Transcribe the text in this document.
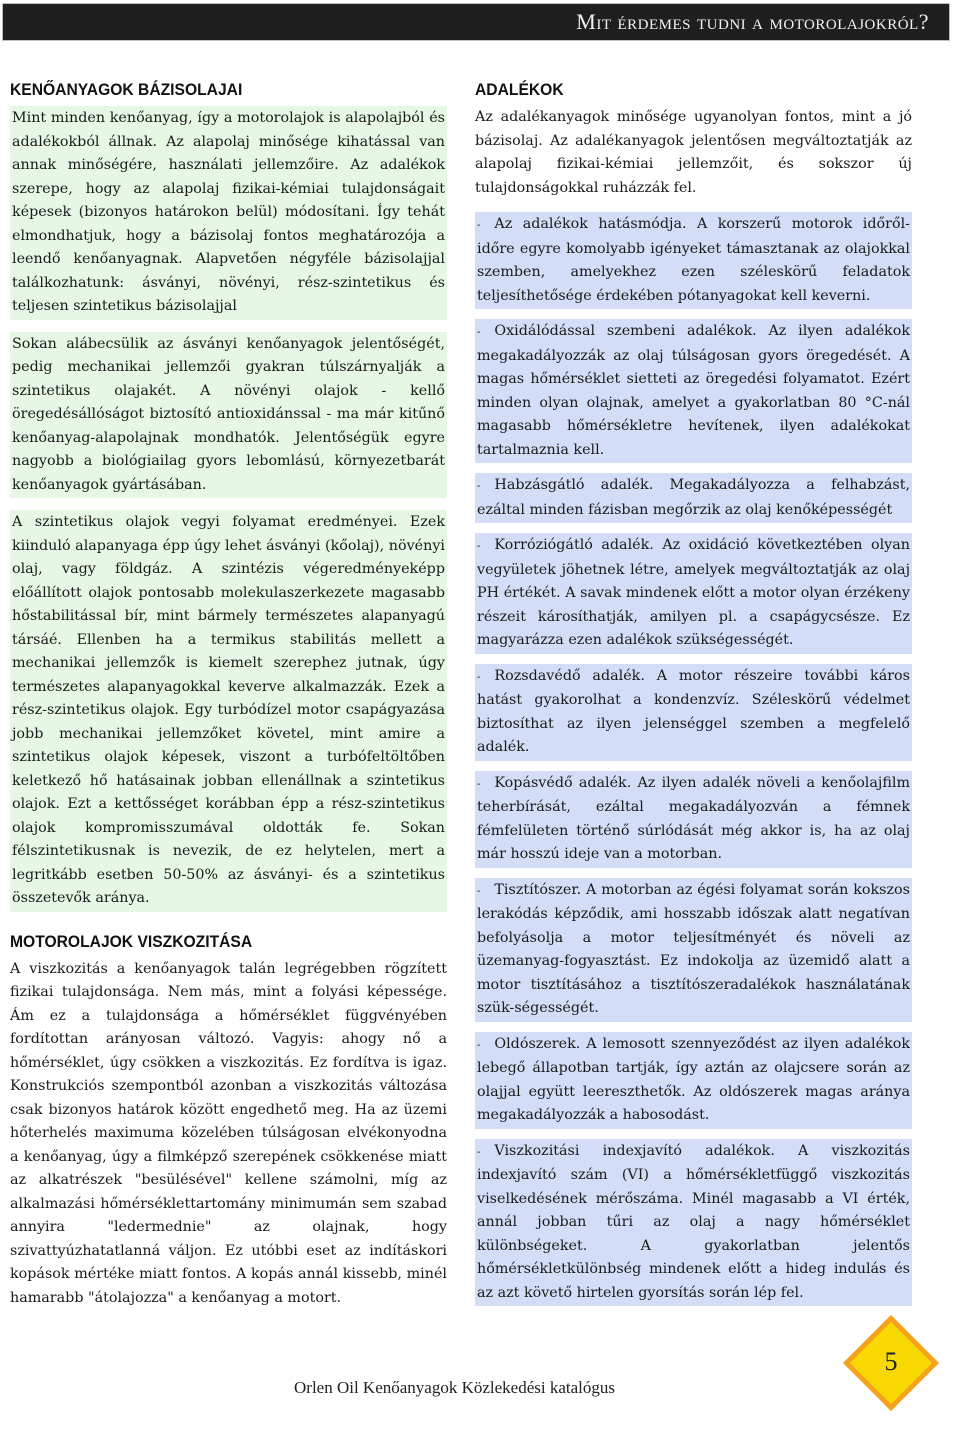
Mit érdemes tudni a motorolajokról?
KENŐANYAGOK BÁZISOLAJAI

Mint minden kenőanyag, így a motorolajok is alapolajból és adalékokból állnak. Az alapolaj minősége kihatással van annak minőségére, használati jellemzőire. Az adalékok szerepe, hogy az alapolaj fizikai-kémiai tulajdonságait képesek (bizonyos határokon belül) módosítani. Így tehát elmondhatjuk, hogy a bázisolaj fontos meghatározója a leendő kenőanyagnak. Alapvetően négyféle bázisolajjal találkozhatunk: ásványi, növényi, rész-szintetikus és teljesen szintetikus bázisolajjal

Sokan alábecsülik az ásványi kenőanyagok jelentőségét, pedig mechanikai jellemzői gyakran túlszárnyalják a szintetikus olajakét. A növényi olajok - kellő öregedésállóságot biztosító antioxidánssal - ma már kitűnő kenőanyag-alapolajnak mondhatók. Jelentőségük egyre nagyobb a biológiailag gyors lebomlású, környezetbarát kenőanyagok gyártásában.

A szintetikus olajok vegyi folyamat eredményei. Ezek kiinduló alapanyaga épp úgy lehet ásványi (kőolaj), növényi olaj, vagy földgáz. A szintézis végeredményeképp előállított olajok pontosabb molekulaszerkezete magasabb hőstabilitással bír, mint bármely természetes alapanyagú társáé. Ellenben ha a termikus stabilitás mellett a mechanikai jellemzők is kiemelt szerephez jutnak, úgy természetes alapanyagokkal keverve alkalmazzák. Ezek a rész-szintetikus olajok. Egy turbódízel motor csapágyazása jobb mechanikai jellemzőket követel, mint amire a szintetikus olajok képesek, viszont a turbófeltöltőben keletkező hő hatásainak jobban ellenállnak a szintetikus olajok. Ezt a kettősséget korábban épp a rész-szintetikus olajok kompromisszumával oldották fe. Sokan félszintetikusnak is nevezik, de ez helytelen, mert a legritkább esetben 50-50% az ásványi- és a szintetikus összetevők aránya.

MOTOROLAJOK VISZKOZITÁSA

A viszkozitás a kenőanyagok talán legrégebben rögzített fizikai tulajdonsága. Nem más, mint a folyási képessége. Ám ez a tulajdonsága a hőmérséklet függvényében fordítottan arányosan változó. Vagyis: ahogy nő a hőmérséklet, úgy csökken a viszkozitás. Ez fordítva is igaz. Konstrukciós szempontból azonban a viszkozitás változása csak bizonyos határok között engedhető meg. Ha az üzemi hőterhelés maximuma közelében túlságosan elvékonyodna a kenőanyag, úgy a filmképző szerepének csökkenése miatt az alkatrészek "besülésével" kellene számolni, míg az alkalmazási hőmérséklettartomány minimumán sem szabad annyira "ledermednie" az olajnak, hogy szivattyúzhatatlanná váljon. Ez utóbbi eset az indításkori kopások mértéke miatt fontos. A kopás annál kissebb, minél hamarabb "átolajozza" a kenőanyag a motort.

ADALÉKOK

Az adalékanyagok minősége ugyanolyan fontos, mint a jó bázisolaj. Az adalékanyagok jelentősen megváltoztatják az alapolaj fizikai-kémiai jellemzőit, és sokszor új tulajdonságokkal ruházzák fel.

- Az adalékok hatásmódja. A korszerű motorok időről-időre egyre komolyabb igényeket támasztanak az olajokkal szemben, amelyekhez ezen széleskörű feladatok teljesíthetősége érdekében pótanyagokat kell keverni.

- Oxidálódással szembeni adalékok. Az ilyen adalékok megakadályozzák az olaj túlságosan gyors öregedését. A magas hőmérséklet sietteti az öregedési folyamatot. Ezért minden olyan olajnak, amelyet a gyakorlatban 80 °C-nál magasabb hőmérsékletre hevítenek, ilyen adalékokat tartalmaznia kell.

- Habzásgátló adalék. Megakadályozza a felhabzást, ezáltal minden fázisban megőrzik az olaj kenőképességét

- Korróziógátló adalék. Az oxidáció következtében olyan vegyületek jöhetnek létre, amelyek megváltoztatják az olaj PH értékét. A savak mindenek előtt a motor olyan érzékeny részeit károsíthatják, amilyen pl. a csapágycsésze. Ez magyarázza ezen adalékok szükségességét.

- Rozsdavédő adalék. A motor részeire további káros hatást gyakorolhat a kondenzvíz. Széleskörű védelmet biztosíthat az ilyen jelenséggel szemben a megfelelő adalék.

- Kopásvédő adalék. Az ilyen adalék növeli a kenőolajfilm teherbírását, ezáltal megakadályozván a fémnek fémfelületen történő súrlódását még akkor is, ha az olaj már hosszú ideje van a motorban.

- Tisztítószer. A motorban az égési folyamat során kokszos lerakódás képződik, ami hosszabb időszak alatt negatívan befolyásolja a motor teljesítményét és növeli az üzemanyag-fogyasztást. Ez indokolja az üzemidő alatt a motor tisztításához a tisztítószeradalékok használatának szük-ségességét.

- Oldószerek. A lemosott szennyeződést az ilyen adalékok lebegő állapotban tartják, így aztán az olajcsere során az olajjal együtt leereszthetők. Az oldószerek magas aránya megakadályozzák a habosodást.

- Viszkozitási indexjavító adalékok. A viszkozitás indexjavító szám (VI) a hőmérsékletfüggő viszkozitás viselkedésének mérőszáma. Minél magasabb a VI érték, annál jobban tűri az olaj a nagy hőmérséklet különbségeket. A gyakorlatban jelentős hőmérsékletkülönbség mindenek előtt a hideg indulás és az azt követő hirtelen gyorsítás során lép fel.

Orlen Oil Kenőanyagok Közlekedési katalógus
5
